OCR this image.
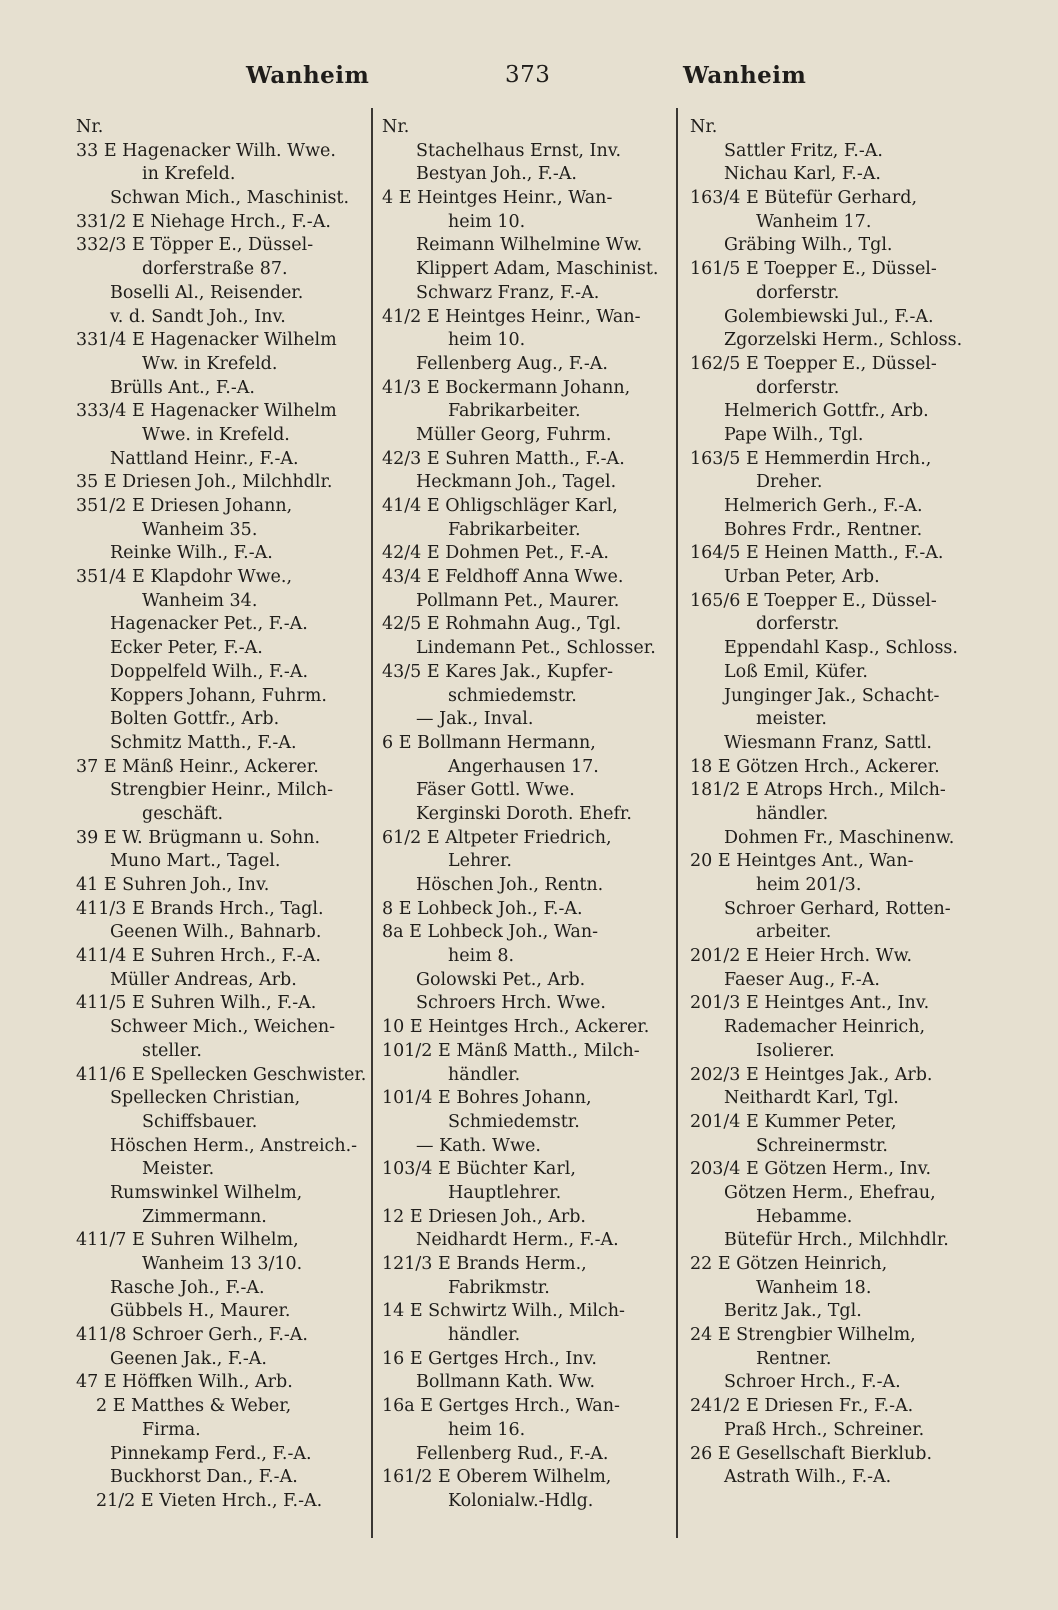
Wanheim	373	Wanheim
Nr.
33 E Hagenacker Wilh. Wwe.
in Krefeld.
Schwan Mich., Maschinist.
331/2 E Niehage Hrch., F.-A.
332/3 E Töpper E., Düssel-
dorferstraße 87.
Boselli Al., Reisender.
v. d. Sandt Joh., Inv.
331/4 E Hagenacker Wilhelm
Ww. in Krefeld.
Brülls Ant., F.-A.
333/4 E Hagenacker Wilhelm
Wwe. in Krefeld.
Nattland Heinr., F.-A.
35 E Driesen Joh., Milchhdlr.
351/2 E Driesen Johann,
Wanheim 35.
Reinke Wilh., F.-A.
351/4 E Klapdohr Wwe.,
Wanheim 34.
Hagenacker Pet., F.-A.
Ecker Peter, F.-A.
Doppelfeld Wilh., F.-A.
Koppers Johann, Fuhrm.
Bolten Gottfr., Arb.
Schmitz Matth., F.-A.
37 E Mänß Heinr., Ackerer.
Strengbier Heinr., Milch-
geschäft.
39 E W. Brügmann u. Sohn.
Muno Mart., Tagel.
41 E Suhren Joh., Inv.
411/3 E Brands Hrch., Tagl.
Geenen Wilh., Bahnarb.
411/4 E Suhren Hrch., F.-A.
Müller Andreas, Arb.
411/5 E Suhren Wilh., F.-A.
Schweer Mich., Weichen-
steller.
411/6 E Spellecken Geschwister.
Spellecken Christian,
Schiffsbauer.
Höschen Herm., Anstreich.-
Meister.
Rumswinkel Wilhelm,
Zimmermann.
411/7 E Suhren Wilhelm,
Wanheim 13 3/10.
Rasche Joh., F.-A.
Gübbels H., Maurer.
411/8 Schroer Gerh., F.-A.
Geenen Jak., F.-A.
47 E Höffken Wilh., Arb.
2 E Matthes & Weber,
Firma.
Pinnekamp Ferd., F.-A.
Buckhorst Dan., F.-A.
21/2 E Vieten Hrch., F.-A.
Nr.
Stachelhaus Ernst, Inv.
Bestyan Joh., F.-A.
4 E Heintges Heinr., Wan-
heim 10.
Reimann Wilhelmine Ww.
Klippert Adam, Maschinist.
Schwarz Franz, F.-A.
41/2 E Heintges Heinr., Wan-
heim 10.
Fellenberg Aug., F.-A.
41/3 E Bockermann Johann,
Fabrikarbeiter.
Müller Georg, Fuhrm.
42/3 E Suhren Matth., F.-A.
Heckmann Joh., Tagel.
41/4 E Ohligschläger Karl,
Fabrikarbeiter.
42/4 E Dohmen Pet., F.-A.
43/4 E Feldhoff Anna Wwe.
Pollmann Pet., Maurer.
42/5 E Rohmahn Aug., Tgl.
Lindemann Pet., Schlosser.
43/5 E Kares Jak., Kupfer-
schmiedemstr.
— Jak., Inval.
6 E Bollmann Hermann,
Angerhausen 17.
Fäser Gottl. Wwe.
Kerginski Doroth. Ehefr.
61/2 E Altpeter Friedrich,
Lehrer.
Höschen Joh., Rentn.
8 E Lohbeck Joh., F.-A.
8a E Lohbeck Joh., Wan-
heim 8.
Golowski Pet., Arb.
Schroers Hrch. Wwe.
10 E Heintges Hrch., Ackerer.
101/2 E Mänß Matth., Milch-
händler.
101/4 E Bohres Johann,
Schmiedemstr.
— Kath. Wwe.
103/4 E Büchter Karl,
Hauptlehrer.
12 E Driesen Joh., Arb.
Neidhardt Herm., F.-A.
121/3 E Brands Herm.,
Fabrikmstr.
14 E Schwirtz Wilh., Milch-
händler.
16 E Gertges Hrch., Inv.
Bollmann Kath. Ww.
16a E Gertges Hrch., Wan-
heim 16.
Fellenberg Rud., F.-A.
161/2 E Oberem Wilhelm,
Kolonialw.-Hdlg.
Nr.
Sattler Fritz, F.-A.
Nichau Karl, F.-A.
163/4 E Bütefür Gerhard,
Wanheim 17.
Gräbing Wilh., Tgl.
161/5 E Toepper E., Düssel-
dorferstr.
Golembiewski Jul., F.-A.
Zgorzelski Herm., Schloss.
162/5 E Toepper E., Düssel-
dorferstr.
Helmerich Gottfr., Arb.
Pape Wilh., Tgl.
163/5 E Hemmerdin Hrch.,
Dreher.
Helmerich Gerh., F.-A.
Bohres Frdr., Rentner.
164/5 E Heinen Matth., F.-A.
Urban Peter, Arb.
165/6 E Toepper E., Düssel-
dorferstr.
Eppendahl Kasp., Schloss.
Loß Emil, Küfer.
Junginger Jak., Schacht-
meister.
Wiesmann Franz, Sattl.
18 E Götzen Hrch., Ackerer.
181/2 E Atrops Hrch., Milch-
händler.
Dohmen Fr., Maschinenw.
20 E Heintges Ant., Wan-
heim 201/3.
Schroer Gerhard, Rotten-
arbeiter.
201/2 E Heier Hrch. Ww.
Faeser Aug., F.-A.
201/3 E Heintges Ant., Inv.
Rademacher Heinrich,
Isolierer.
202/3 E Heintges Jak., Arb.
Neithardt Karl, Tgl.
201/4 E Kummer Peter,
Schreinermstr.
203/4 E Götzen Herm., Inv.
Götzen Herm., Ehefrau,
Hebamme.
Bütefür Hrch., Milchhdlr.
22 E Götzen Heinrich,
Wanheim 18.
Beritz Jak., Tgl.
24 E Strengbier Wilhelm,
Rentner.
Schroer Hrch., F.-A.
241/2 E Driesen Fr., F.-A.
Praß Hrch., Schreiner.
26 E Gesellschaft Bierklub.
Astrath Wilh., F.-A.
